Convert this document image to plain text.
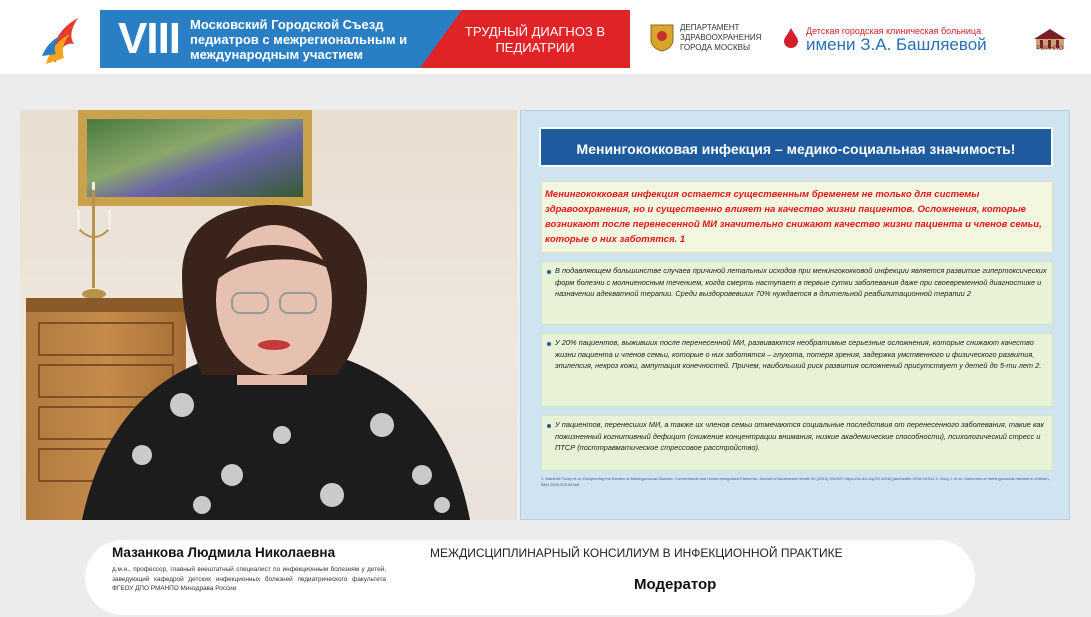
VIII Московский Городской Съезд педиатров с межрегиональным и международным участием
ТРУДНЫЙ ДИАГНОЗ В ПЕДИАТРИИ
ДЕПАРТАМЕНТ ЗДРАВООХРАНЕНИЯ ГОРОДА МОСКВЫ
Детская городская клиническая больница
имени З.А. Башляевой	РМАНПО
Менингококковая инфекция – медико-социальная значимость!
Менингококковая инфекция остается существенным бременем не только для системы здравоохранения, но и существенно влияет на качество жизни пациентов. Осложнения, которые возникают после перенесенной МИ значительно снижают качество жизни пациента и членов семьи, которые о них заботятся. 1
В подавляющем большинстве случаев причиной летальных исходов при менингококковой инфекции является развитие гипертоксических форм болезни с молниеносным течением, когда смерть наступает в первые сутки заболевания даже при своевременной диагностике и назначении адекватной терапии. Среди выздоровевших 70% нуждается в длительной реабилитационной терапии 2
У 20% пациентов, выживших после перенесенной МИ, развиваются необратимые серьезные осложнения, которые снижают качество жизни пациента и членов семьи, которые о них заботятся – глухота, потеря зрения, задержка умственного и физического развития, эпилепсия, некроз кожи, ампутация конечностей. Причем, наибольший риск развития осложнений присутствует у детей до 5-ти лет 2.
У пациентов, перенесших МИ, а также их членов семьи отмечаются социальные последствия от перенесенного заболевания, такие как пожизненный когнитивный дефицит (снижение концентрации внимания, низкие академические способности), психологический стресс и ПТСР (посттравматическое стрессовое расстройство).
1. Marshall Tovey et al. Deciphering the Burden of Meningococcal Disease: Conventional and Under-recognized Elements. Journal of Adolescent Health 59 (2016) S3eS20 https://dx.doi.org/10.1016/j.jadohealth.2016.04.012 2. Borg J. et al. Outcomes of meningococcal disease in children, BMJ 2001;323:533e6.
Мазанкова Людмила Николаевна
д.м.н., профессор, главный внештатный специалист по инфекционным болезням у детей, заведующий кафедрой детских инфекционных болезней педиатрического факультета ФГБОУ ДПО РМАНПО Минздрава России
МЕЖДИСЦИПЛИНАРНЫЙ КОНСИЛИУМ В ИНФЕКЦИОННОЙ ПРАКТИКЕ
Модератор
